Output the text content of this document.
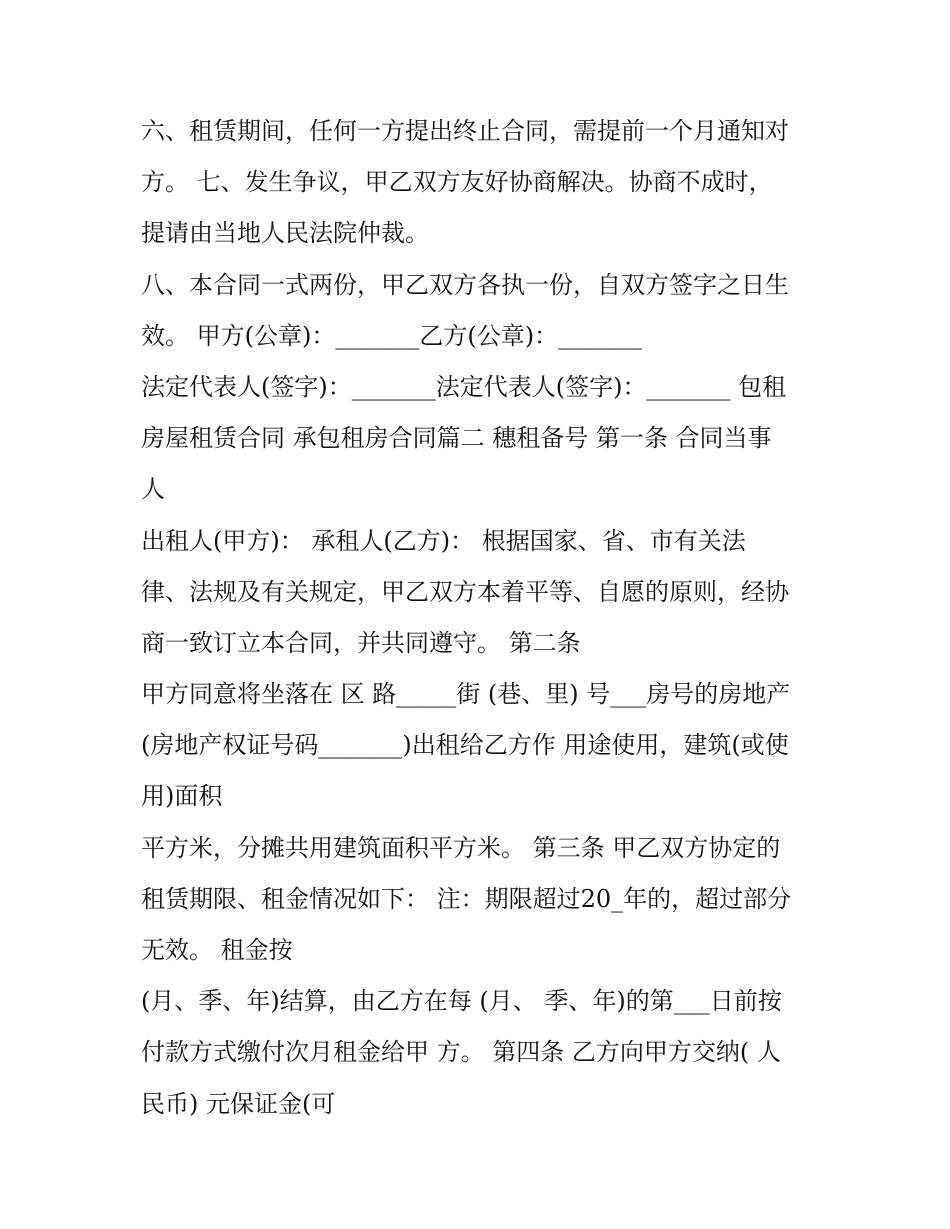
六、租赁期间，任何一方提出终止合同，需提前一个月通知对
方。 七、发生争议，甲乙双方友好协商解决。协商不成时，
提请由当地人民法院仲裁。
八、本合同一式两份，甲乙双方各执一份，自双方签字之日生
效。 甲方(公章)：_______乙方(公章)：_______
法定代表人(签字)：_______法定代表人(签字)：_______ 包租
房屋租赁合同 承包租房合同篇二 穗租备号 第一条 合同当事
人
出租人(甲方)： 承租人(乙方)： 根据国家、省、市有关法
律、法规及有关规定，甲乙双方本着平等、自愿的原则，经协
商一致订立本合同，并共同遵守。 第二条
甲方同意将坐落在 区 路_____街 (巷、里) 号___房号的房地产
(房地产权证号码_______)出租给乙方作 用途使用，建筑(或使
用)面积
平方米，分摊共用建筑面积平方米。 第三条 甲乙双方协定的
租赁期限、租金情况如下： 注：期限超过20_年的，超过部分
无效。 租金按
(月、季、年)结算，由乙方在每 (月、 季、年)的第___日前按
付款方式缴付次月租金给甲 方。 第四条 乙方向甲方交纳( 人
民币) 元保证金(可
